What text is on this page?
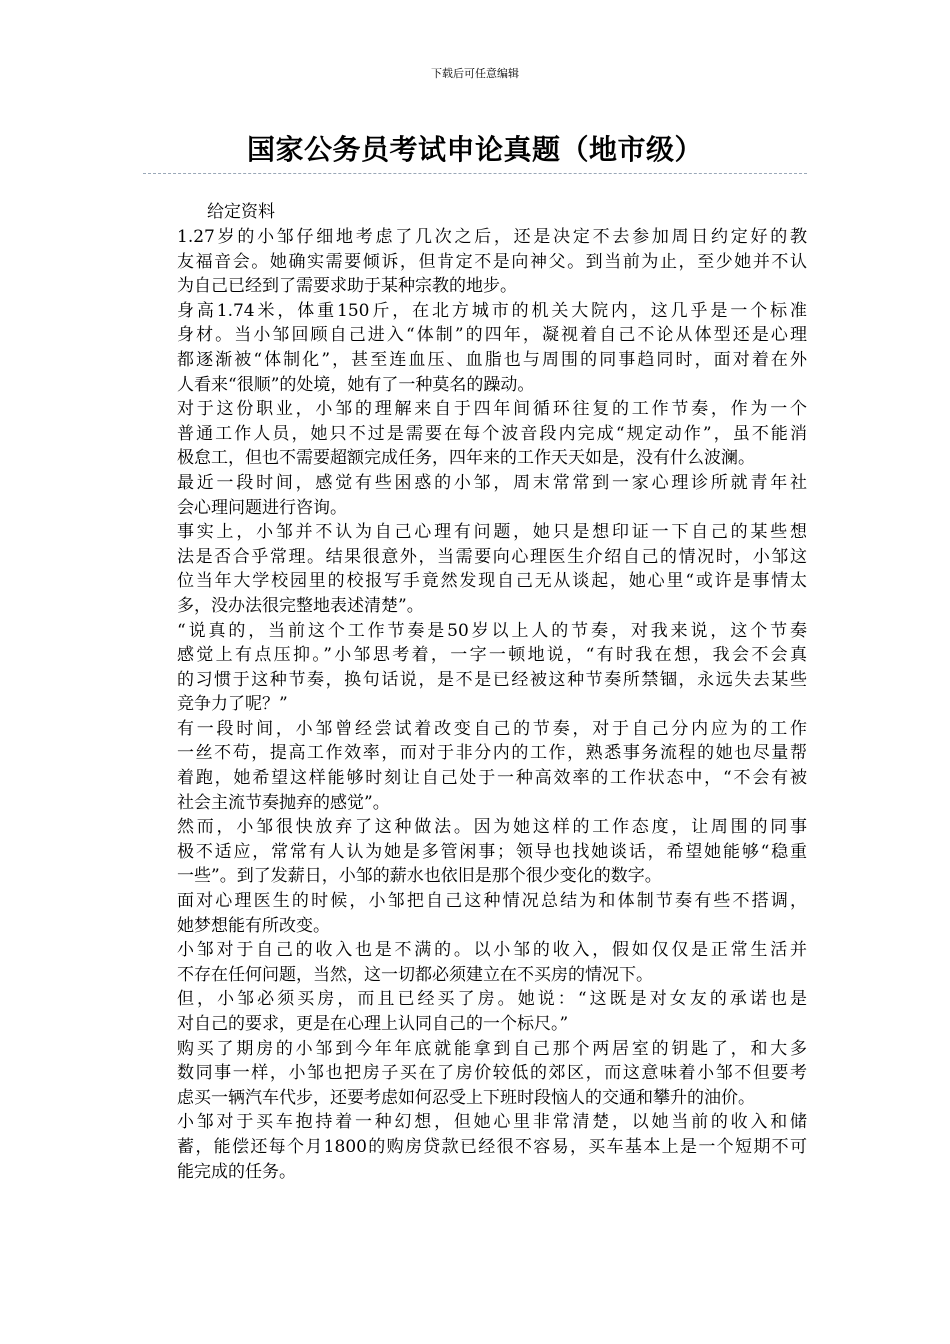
下载后可任意编辑
国家公务员考试申论真题（地市级）

给定资料

1.27岁的小邹仔细地考虑了几次之后，还是决定不去参加周日约定好的教
友福音会。她确实需要倾诉，但肯定不是向神父。到当前为止，至少她并不认
为自己已经到了需要求助于某种宗教的地步。

身高1.74米，体重150斤，在北方城市的机关大院内，这几乎是一个标准
身材。当小邹回顾自己进入“体制”的四年，凝视着自己不论从体型还是心理
都逐渐被“体制化”，甚至连血压、血脂也与周围的同事趋同时，面对着在外
人看来“很顺”的处境，她有了一种莫名的躁动。

对于这份职业，小邹的理解来自于四年间循环往复的工作节奏，作为一个
普通工作人员，她只不过是需要在每个波音段内完成“规定动作”，虽不能消
极怠工，但也不需要超额完成任务，四年来的工作天天如是，没有什么波澜。

最近一段时间，感觉有些困惑的小邹，周末常常到一家心理诊所就青年社
会心理问题进行咨询。

事实上，小邹并不认为自己心理有问题，她只是想印证一下自己的某些想
法是否合乎常理。结果很意外，当需要向心理医生介绍自己的情况时，小邹这
位当年大学校园里的校报写手竟然发现自己无从谈起，她心里“或许是事情太
多，没办法很完整地表述清楚”。

“说真的，当前这个工作节奏是50岁以上人的节奏，对我来说，这个节奏
感觉上有点压抑。”小邹思考着，一字一顿地说，“有时我在想，我会不会真
的习惯于这种节奏，换句话说，是不是已经被这种节奏所禁锢，永远失去某些
竞争力了呢？”

有一段时间，小邹曾经尝试着改变自己的节奏，对于自己分内应为的工作
一丝不苟，提高工作效率，而对于非分内的工作，熟悉事务流程的她也尽量帮
着跑，她希望这样能够时刻让自己处于一种高效率的工作状态中，“不会有被
社会主流节奏抛弃的感觉”。

然而，小邹很快放弃了这种做法。因为她这样的工作态度，让周围的同事
极不适应，常常有人认为她是多管闲事；领导也找她谈话，希望她能够“稳重
一些”。到了发薪日，小邹的薪水也依旧是那个很少变化的数字。

面对心理医生的时候，小邹把自己这种情况总结为和体制节奏有些不搭调，
她梦想能有所改变。

小邹对于自己的收入也是不满的。以小邹的收入，假如仅仅是正常生活并
不存在任何问题，当然，这一切都必须建立在不买房的情况下。

但，小邹必须买房，而且已经买了房。她说：“这既是对女友的承诺也是
对自己的要求，更是在心理上认同自己的一个标尺。”

购买了期房的小邹到今年年底就能拿到自己那个两居室的钥匙了，和大多
数同事一样，小邹也把房子买在了房价较低的郊区，而这意味着小邹不但要考
虑买一辆汽车代步，还要考虑如何忍受上下班时段恼人的交通和攀升的油价。

小邹对于买车抱持着一种幻想，但她心里非常清楚，以她当前的收入和储
蓄，能偿还每个月1800的购房贷款已经很不容易，买车基本上是一个短期不可
能完成的任务。
